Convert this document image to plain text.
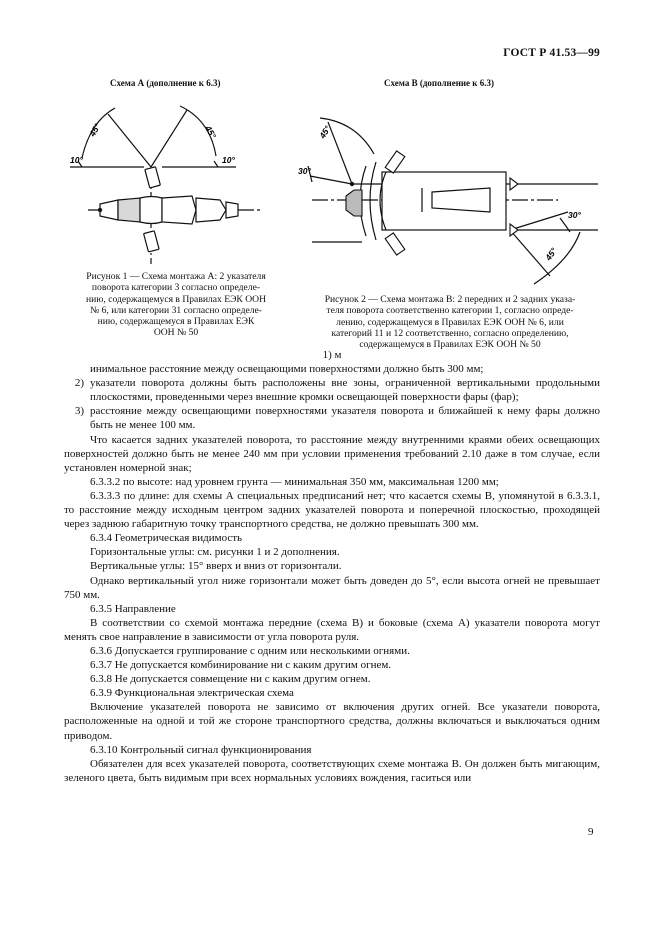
ГОСТ Р 41.53—99
Схема А (дополнение к 6.3)
10°	10°
45°	45°
Рисунок 1 — Схема монтажа А: 2 указателя
поворота категории 3 согласно определе-
нию, содержащемуся в Правилах ЕЭК ООН
№ 6, или категории 31 согласно определе-
нию, содержащемуся в Правилах ЕЭК
ООН № 50
Схема В (дополнение к 6.3)
45°
30°
30°
45°
Рисунок 2 — Схема монтажа В: 2 передних и 2 задних указа-
теля поворота соответственно категории 1, согласно опреде-
лению, содержащемуся в Правилах ЕЭК ООН № 6, или
категорий 11 и 12 соответственно, согласно определению,
содержащемуся в Правилах ЕЭК ООН № 50

1) м

инимальное расстояние между освещающими поверхностями должно быть 300 мм;

2) указатели поворота должны быть расположены вне зоны, ограниченной вертикальными продольными плоскостями, проведенными через внешние кромки освещающей поверхности фары (фар);
3) расстояние между освещающими поверхностями указателя поворота и ближайшей к нему фары должно быть не менее 100 мм.

Что касается задних указателей поворота, то расстояние между внутренними краями обеих освещающих поверхностей должно быть не менее 240 мм при условии применения требований 2.10 даже в том случае, если установлен номерной знак;

6.3.3.2 по высоте: над уровнем грунта — минимальная 350 мм, максимальная 1200 мм;

6.3.3.3 по длине: для схемы А специальных предписаний нет; что касается схемы В, упомянутой в 6.3.3.1, то расстояние между исходным центром задних указателей поворота и поперечной плоскостью, проходящей через заднюю габаритную точку транспортного средства, не должно превышать 300 мм.

6.3.4 Геометрическая видимость

Горизонтальные углы: см. рисунки 1 и 2 дополнения.

Вертикальные углы: 15° вверх и вниз от горизонтали.

Однако вертикальный угол ниже горизонтали может быть доведен до 5°, если высота огней не превышает 750 мм.

6.3.5 Направление

В соответствии со схемой монтажа передние (схема В) и боковые (схема А) указатели поворота могут менять свое направление в зависимости от угла поворота руля.

6.3.6 Допускается группирование с одним или несколькими огнями.

6.3.7 Не допускается комбинирование ни с каким другим огнем.

6.3.8 Не допускается совмещение ни с каким другим огнем.

6.3.9 Функциональная электрическая схема

Включение указателей поворота не зависимо от включения других огней. Все указатели поворота, расположенные на одной и той же стороне транспортного средства, должны включаться и выключаться одним приводом.

6.3.10 Контрольный сигнал функционирования

Обязателен для всех указателей поворота, соответствующих схеме монтажа В. Он должен быть мигающим, зеленого цвета, быть видимым при всех нормальных условиях вождения, гаситься или

9
